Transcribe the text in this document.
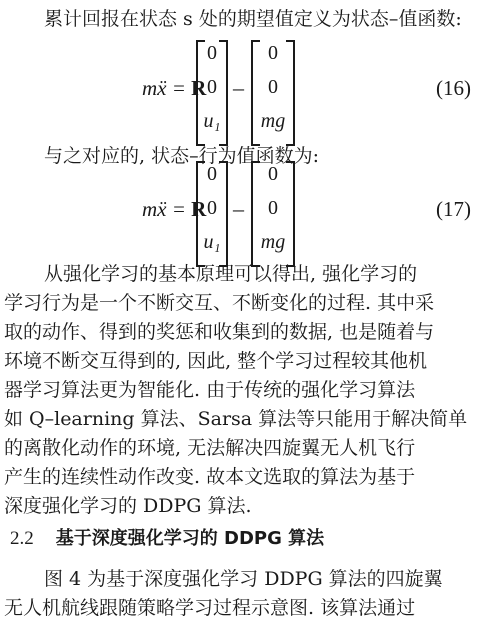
累计回报在状态 s 处的期望值定义为状态–值函数:
mẍ = R
0
0
u₁
–
0
0
mg
(16)
与之对应的, 状态–行为值函数为:
mẍ = R
0
0
u₁
–
0
0
mg
(17)
从强化学习的基本原理可以得出, 强化学习的
学习行为是一个不断交互、不断变化的过程. 其中采
取的动作、得到的奖惩和收集到的数据, 也是随着与
环境不断交互得到的, 因此, 整个学习过程较其他机
器学习算法更为智能化. 由于传统的强化学习算法
如 Q–learning 算法、Sarsa 算法等只能用于解决简单
的离散化动作的环境, 无法解决四旋翼无人机飞行
产生的连续性动作改变. 故本文选取的算法为基于
深度强化学习的 DDPG 算法.
2.2 基于深度强化学习的 DDPG 算法
图 4 为基于深度强化学习 DDPG 算法的四旋翼
无人机航线跟随策略学习过程示意图. 该算法通过
